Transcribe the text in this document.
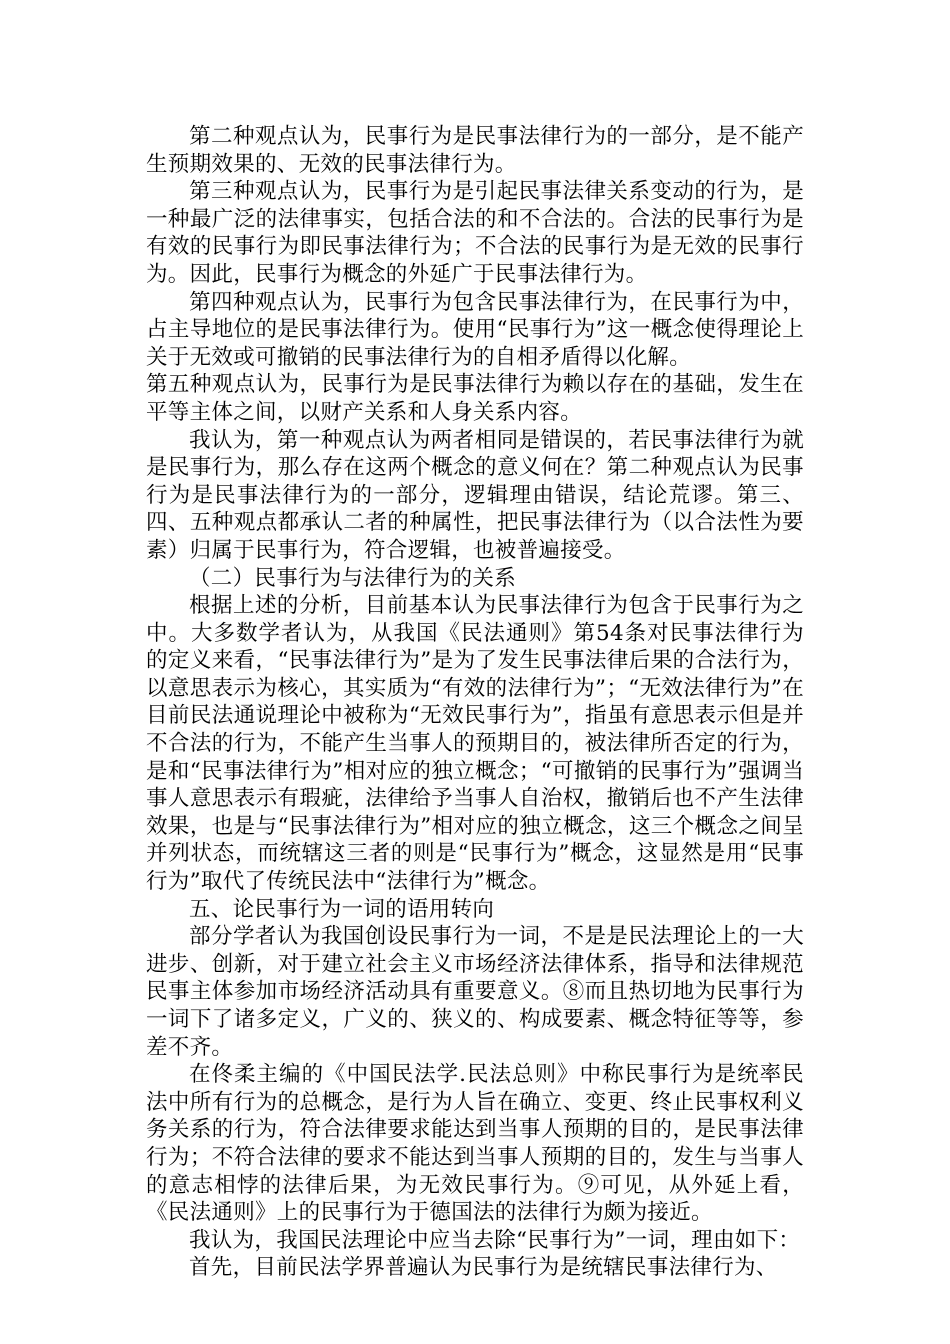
第二种观点认为，民事行为是民事法律行为的一部分，是不能产生预期效果的、无效的民事法律行为。

第三种观点认为，民事行为是引起民事法律关系变动的行为，是一种最广泛的法律事实，包括合法的和不合法的。合法的民事行为是有效的民事行为即民事法律行为；不合法的民事行为是无效的民事行为。因此，民事行为概念的外延广于民事法律行为。

第四种观点认为，民事行为包含民事法律行为，在民事行为中，占主导地位的是民事法律行为。使用“民事行为”这一概念使得理论上关于无效或可撤销的民事法律行为的自相矛盾得以化解。

第五种观点认为，民事行为是民事法律行为赖以存在的基础，发生在平等主体之间，以财产关系和人身关系内容。

我认为，第一种观点认为两者相同是错误的，若民事法律行为就是民事行为，那么存在这两个概念的意义何在？第二种观点认为民事行为是民事法律行为的一部分，逻辑理由错误，结论荒谬。第三、四、五种观点都承认二者的种属性，把民事法律行为（以合法性为要素）归属于民事行为，符合逻辑，也被普遍接受。

（二）民事行为与法律行为的关系

根据上述的分析，目前基本认为民事法律行为包含于民事行为之中。大多数学者认为，从我国《民法通则》第54条对民事法律行为的定义来看，“民事法律行为”是为了发生民事法律后果的合法行为，以意思表示为核心，其实质为“有效的法律行为”；“无效法律行为”在目前民法通说理论中被称为“无效民事行为”，指虽有意思表示但是并不合法的行为，不能产生当事人的预期目的，被法律所否定的行为，是和“民事法律行为”相对应的独立概念；“可撤销的民事行为”强调当事人意思表示有瑕疵，法律给予当事人自治权，撤销后也不产生法律效果，也是与“民事法律行为”相对应的独立概念，这三个概念之间呈并列状态，而统辖这三者的则是“民事行为”概念，这显然是用“民事行为”取代了传统民法中“法律行为”概念。

五、论民事行为一词的语用转向

部分学者认为我国创设民事行为一词，不是是民法理论上的一大进步、创新，对于建立社会主义市场经济法律体系，指导和法律规范民事主体参加市场经济活动具有重要意义。⑧而且热切地为民事行为一词下了诸多定义，广义的、狭义的、构成要素、概念特征等等，参差不齐。

在佟柔主编的《中国民法学.民法总则》中称民事行为是统率民法中所有行为的总概念，是行为人旨在确立、变更、终止民事权利义务关系的行为，符合法律要求能达到当事人预期的目的，是民事法律行为；不符合法律的要求不能达到当事人预期的目的，发生与当事人的意志相悖的法律后果，为无效民事行为。⑨可见，从外延上看，《民法通则》上的民事行为于德国法的法律行为颇为接近。

我认为，我国民法理论中应当去除“民事行为”一词，理由如下：

首先，目前民法学界普遍认为民事行为是统辖民事法律行为、
